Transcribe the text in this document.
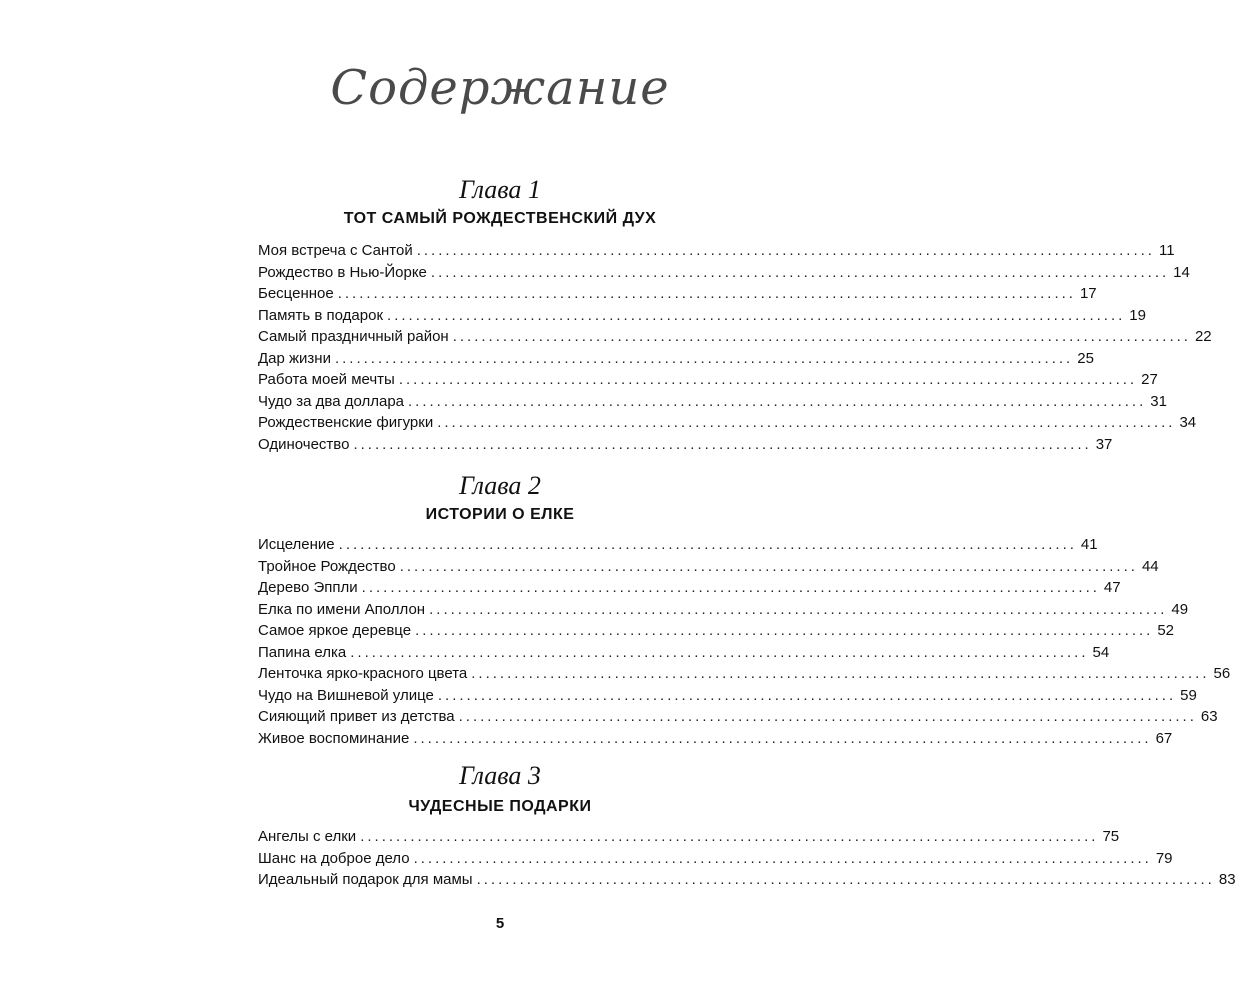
Содержание
Глава 1
ТОТ САМЫЙ РОЖДЕСТВЕНСКИЙ ДУХ
Моя встреча с Сантой ....................................................................................................... 11
Рождество в Нью-Йорке ....................................................................................................... 14
Бесценное ....................................................................................................... 17
Память в подарок ....................................................................................................... 19
Самый праздничный район ....................................................................................................... 22
Дар жизни ....................................................................................................... 25
Работа моей мечты ....................................................................................................... 27
Чудо за два доллара ....................................................................................................... 31
Рождественские фигурки ....................................................................................................... 34
Одиночество ....................................................................................................... 37
Глава 2
ИСТОРИИ О ЕЛКЕ
Исцеление ....................................................................................................... 41
Тройное Рождество ....................................................................................................... 44
Дерево Эппли ....................................................................................................... 47
Елка по имени Аполлон ....................................................................................................... 49
Самое яркое деревце ....................................................................................................... 52
Папина елка ....................................................................................................... 54
Ленточка ярко-красного цвета ....................................................................................................... 56
Чудо на Вишневой улице ....................................................................................................... 59
Сияющий привет из детства ....................................................................................................... 63
Живое воспоминание ....................................................................................................... 67
Глава 3
ЧУДЕСНЫЕ ПОДАРКИ
Ангелы с елки ....................................................................................................... 75
Шанс на доброе дело ....................................................................................................... 79
Идеальный подарок для мамы ....................................................................................................... 83
5
